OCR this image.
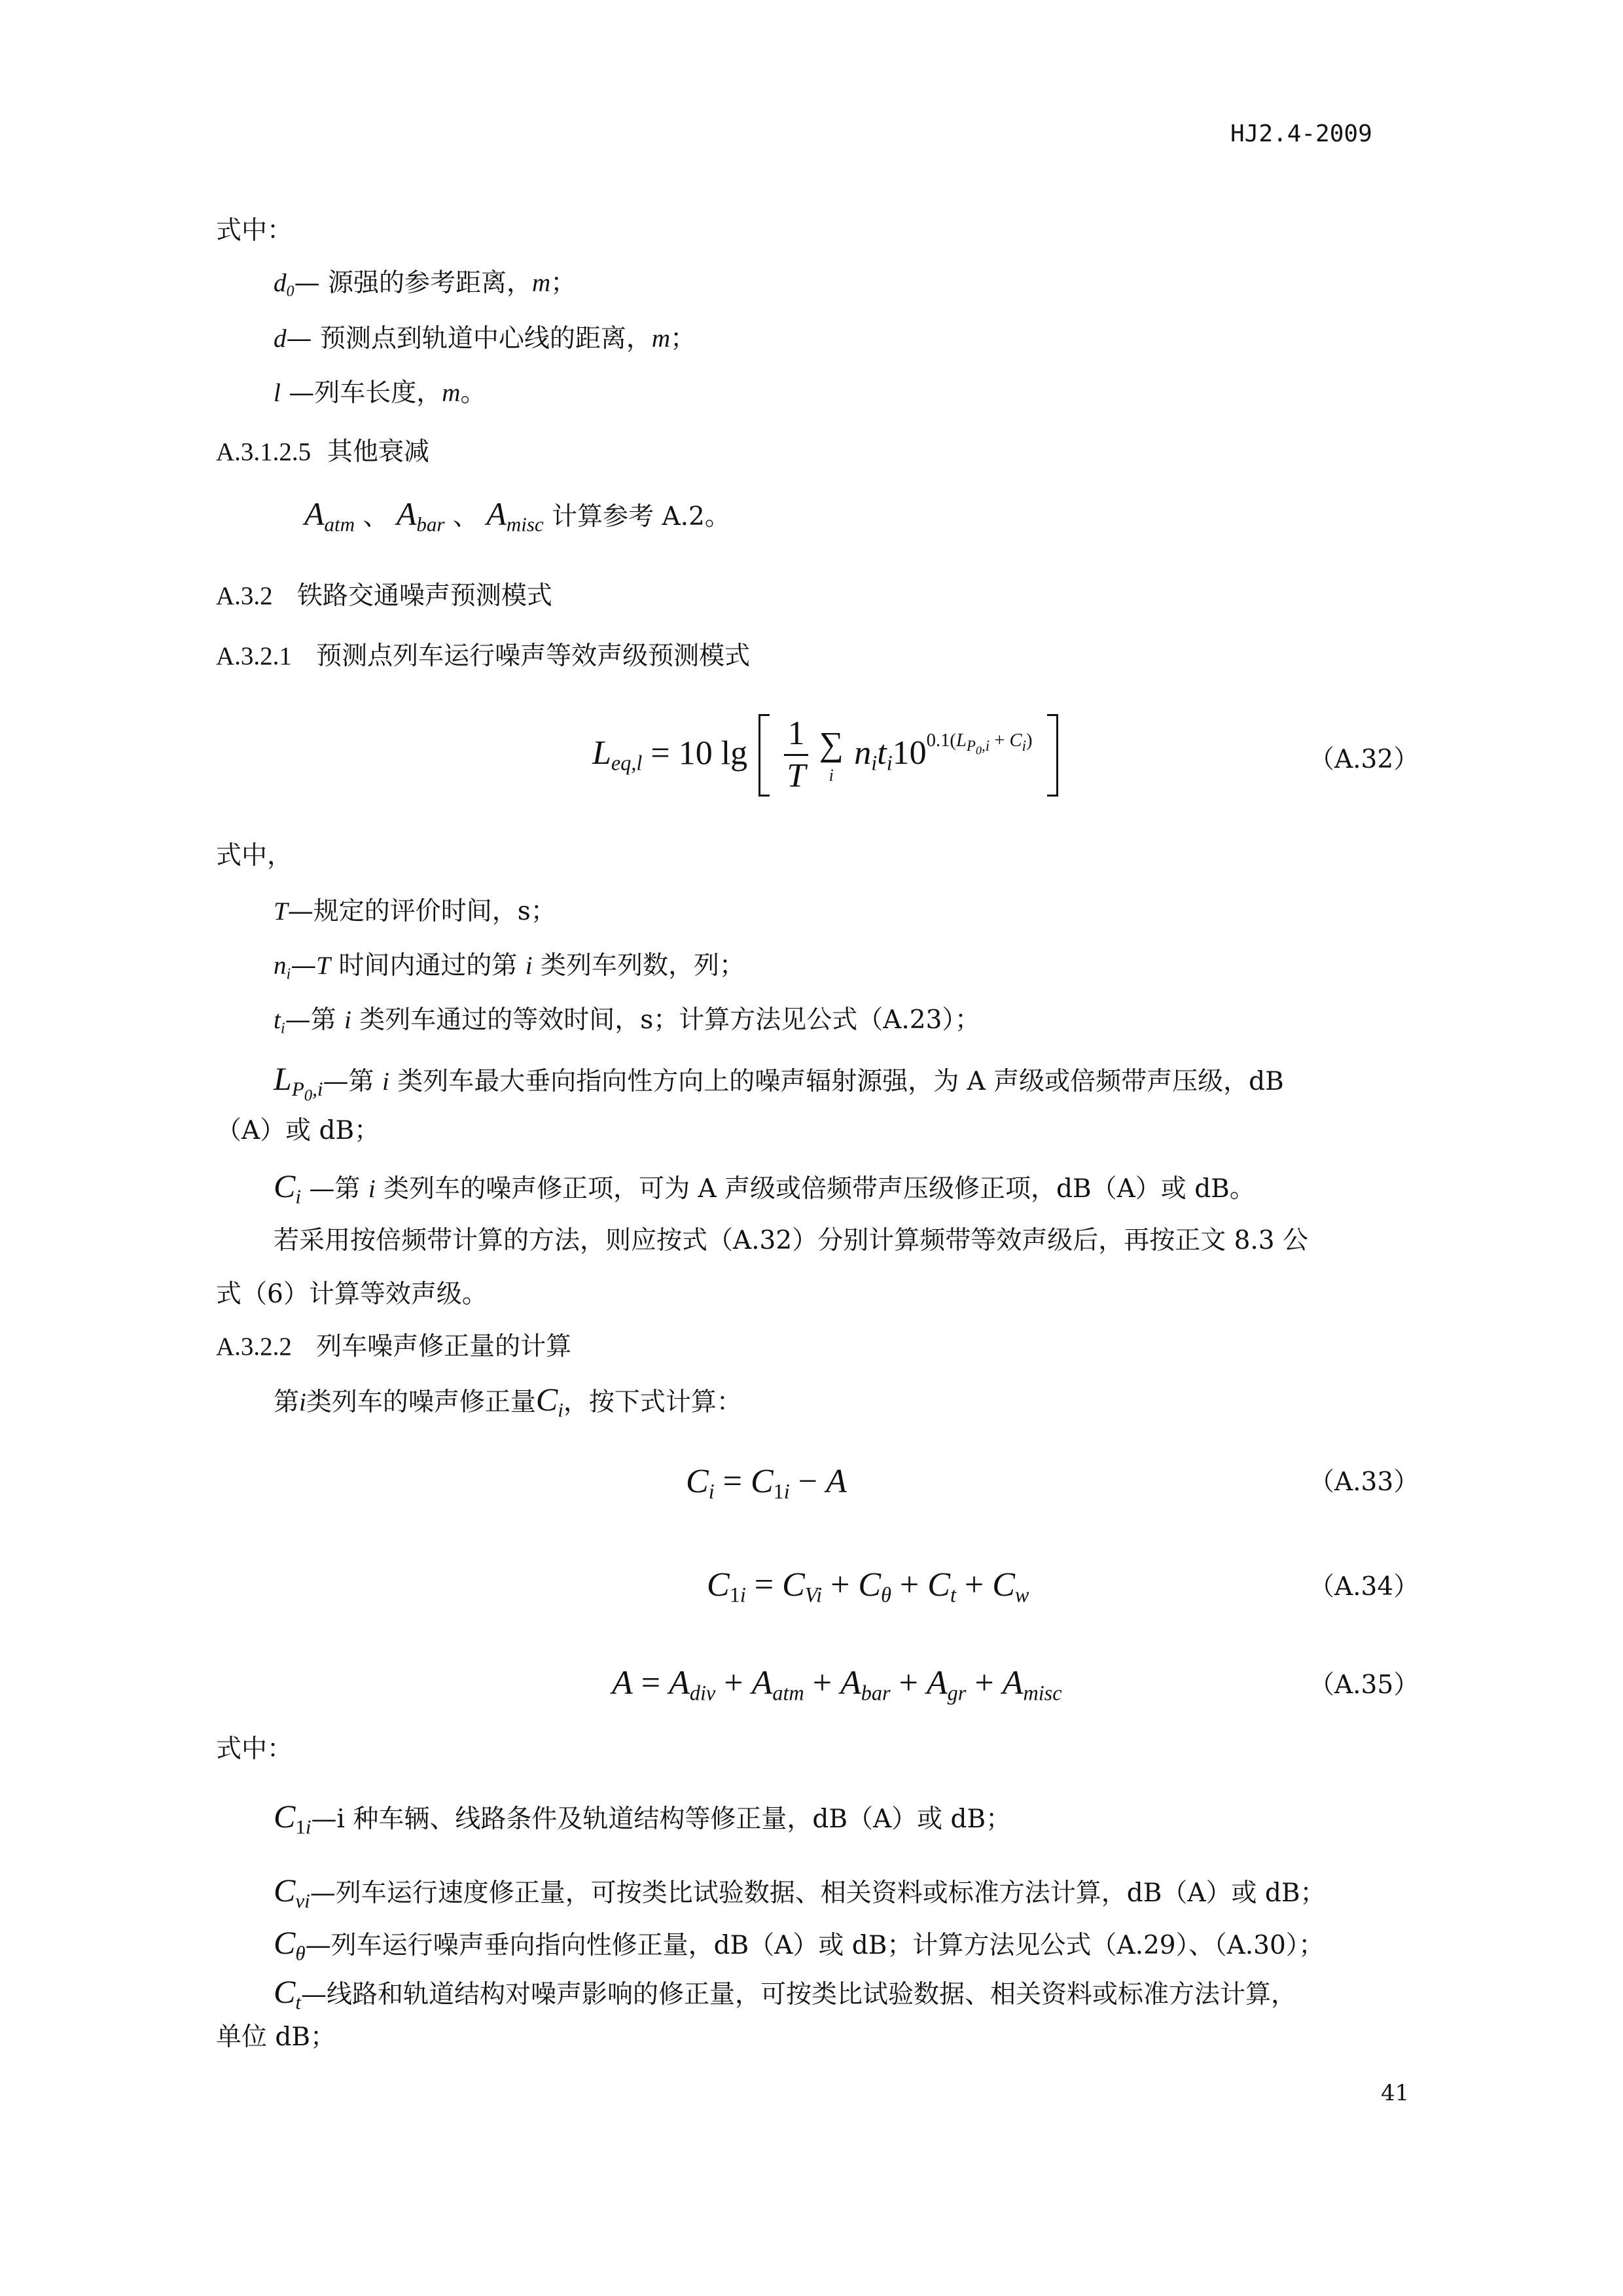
HJ2.4-2009
式中：
$d_0—$ 源强的参考距离，m；
d— 预测点到轨道中心线的距离，m；
l —列车长度，m。
A.3.1.2.5 其他衰减
$A_{atm}$ 、 $A_{bar}$ 、 $A_{misc}$ 计算参考 A.2。
A.3.2 铁路交通噪声预测模式
A.3.2.1 预测点列车运行噪声等效声级预测模式
$L_{eq,l} = 10$ $\lg \frac{1}{T}$ ∑
i
$n_it_i10^{0.1(L_{P_0,i} + C_i)}$
（A.32）
式中，
T—规定的评价时间，s；
$n_i—T$ 时间内通过的第 i 类列车列数，列；
$t_i—$第 i 类列车通过的等效时间，s；计算方法见公式（A.23）；
$L_{P_0,i}—$第 i 类列车最大垂向指向性方向上的噪声辐射源强，为 A 声级或倍频带声压级，dB
（A）或 dB；
$C_i$ —第 i 类列车的噪声修正项，可为 A 声级或倍频带声压级修正项，dB（A）或 dB。
若采用按倍频带计算的方法，则应按式（A.32）分别计算频带等效声级后，再按正文 8.3 公
式（6）计算等效声级。
A.3.2.2 列车噪声修正量的计算
第i类列车的噪声修正量$C_i$，按下式计算：
$C_i = C_{1i} - A$	（A.33）
$C_{1i} = C_{Vi} + C_\theta + C_t + C_w$	（A.34）
$A = A_{div} + A_{atm} + A_{bar} + A_{gr} + A_{misc}$	（A.35）
式中：
$C_{1i}—i$ 种车辆、线路条件及轨道结构等修正量，dB（A）或 dB；
$C_{vi}—$列车运行速度修正量，可按类比试验数据、相关资料或标准方法计算，dB（A）或 dB；
$C_\theta—$列车运行噪声垂向指向性修正量，dB（A）或 dB；计算方法见公式（A.29）、（A.30）；
$C_t—$线路和轨道结构对噪声影响的修正量，可按类比试验数据、相关资料或标准方法计算，
单位 dB；
41
